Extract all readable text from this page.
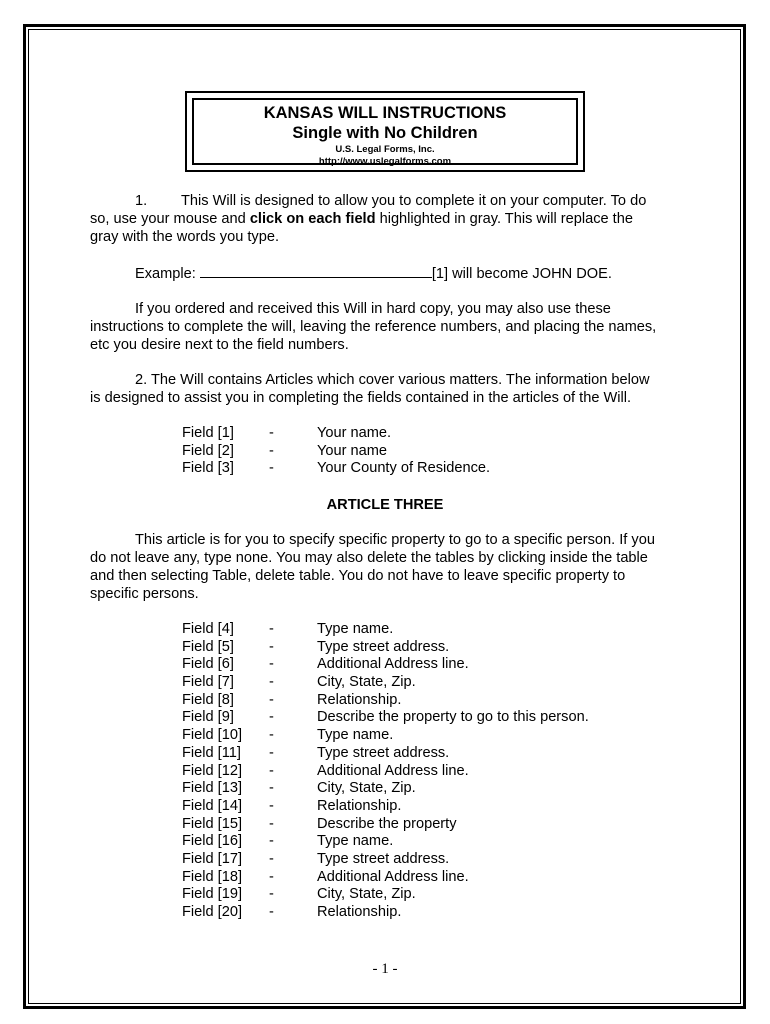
KANSAS WILL INSTRUCTIONS
Single with No Children
U.S. Legal Forms, Inc.
http://www.uslegalforms.com
1. This Will is designed to allow you to complete it on your computer. To do
so, use your mouse and click on each field highlighted in gray. This will replace the
gray with the words you type.
Example:	[1] will become JOHN DOE.
If you ordered and received this Will in hard copy, you may also use these
instructions to complete the will, leaving the reference numbers, and placing the names,
etc you desire next to the field numbers.
2. The Will contains Articles which cover various matters. The information below
is designed to assist you in completing the fields contained in the articles of the Will.
Field [1] -	Your name.
Field [2] -	Your name
Field [3] -	Your County of Residence.
ARTICLE THREE
This article is for you to specify specific property to go to a specific person. If you
do not leave any, type none. You may also delete the tables by clicking inside the table
and then selecting Table, delete table. You do not have to leave specific property to
specific persons.
Field [4] -	Type name.
Field [5] -	Type street address.
Field [6] -	Additional Address line.
Field [7] -	City, State, Zip.
Field [8] -	Relationship.
Field [9] -	Describe the property to go to this person.
Field [10] -	Type name.
Field [11] -	Type street address.
Field [12] -	Additional Address line.
Field [13] -	City, State, Zip.
Field [14] -	Relationship.
Field [15] -	Describe the property
Field [16] -	Type name.
Field [17] -	Type street address.
Field [18] -	Additional Address line.
Field [19] -	City, State, Zip.
Field [20] -	Relationship.
- 1 -
